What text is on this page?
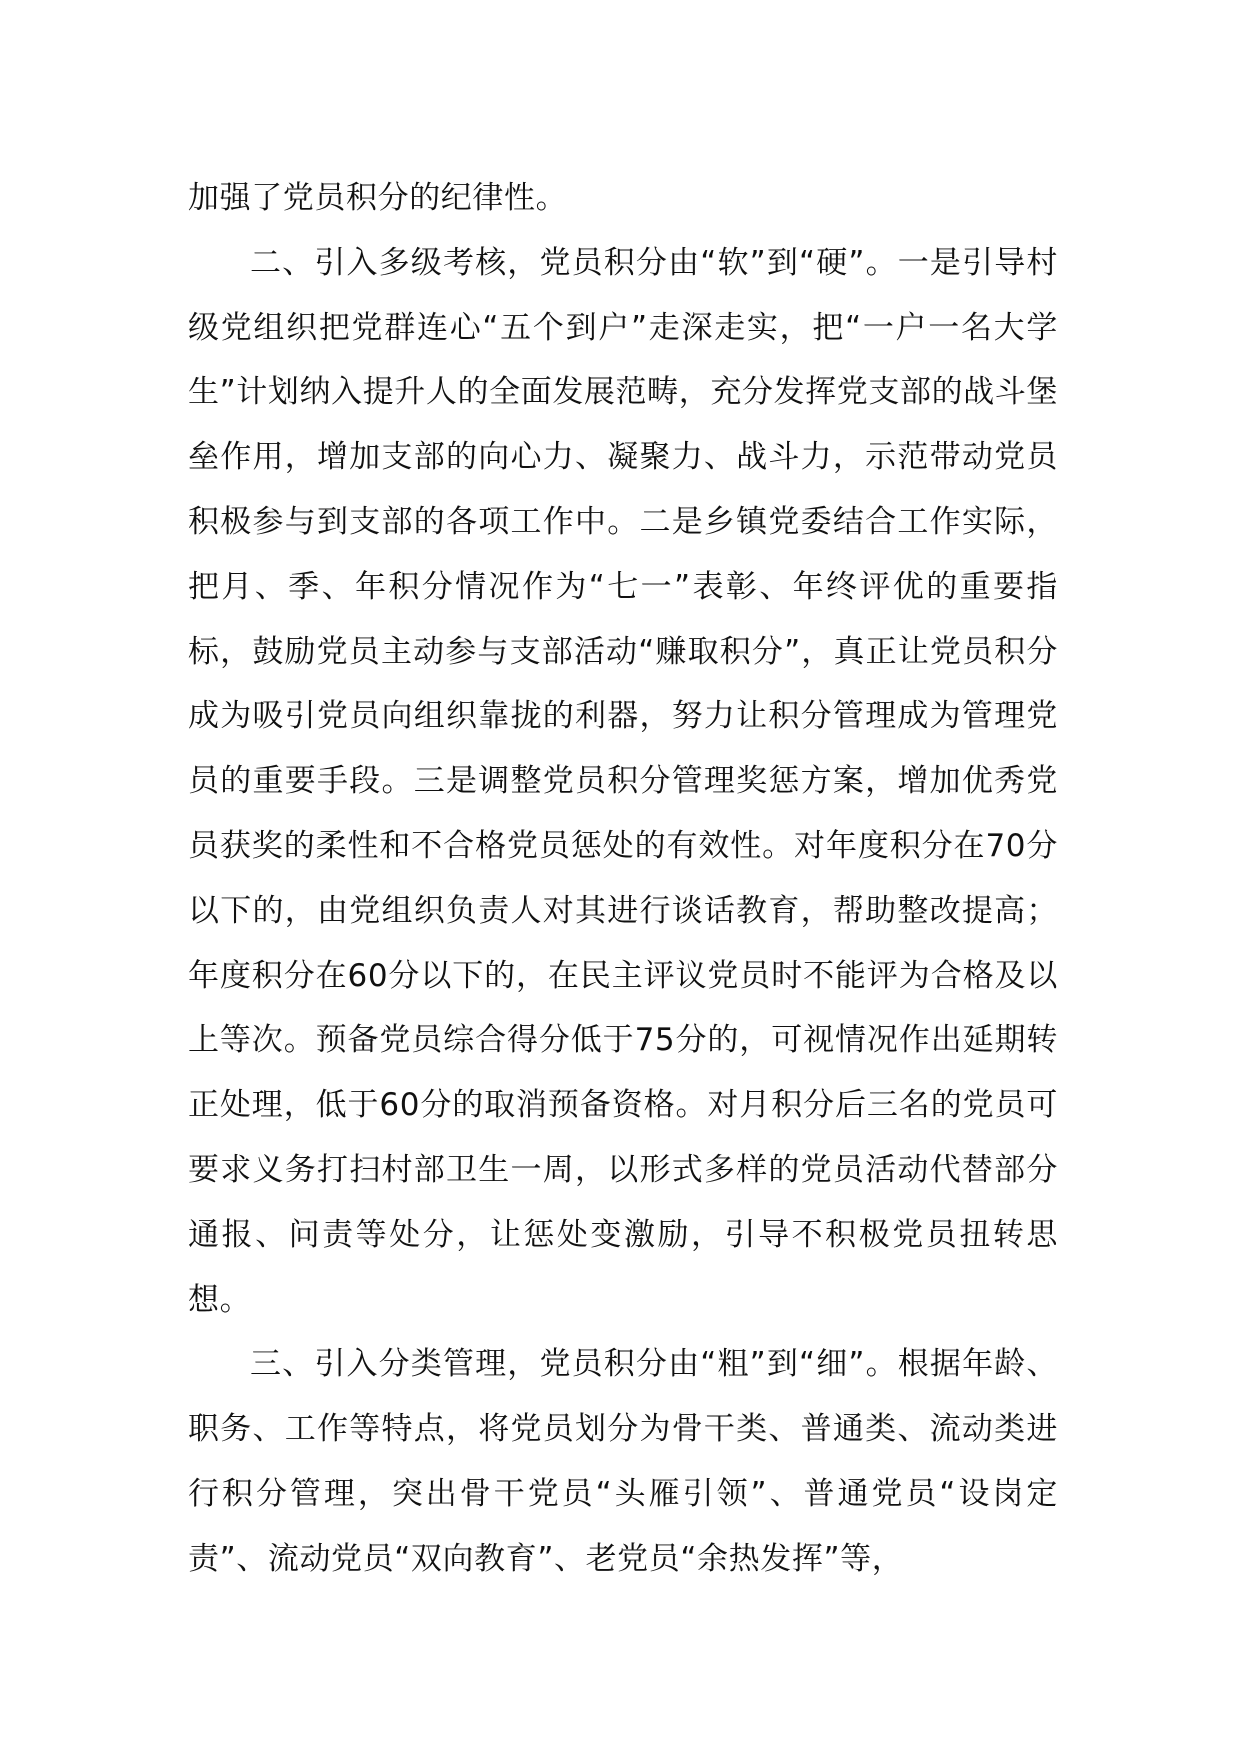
加强了党员积分的纪律性。

二、引入多级考核，党员积分由“软”到“硬”。一是引导村级党组织把党群连心“五个到户”走深走实，把“一户一名大学生”计划纳入提升人的全面发展范畴，充分发挥党支部的战斗堡垒作用，增加支部的向心力、凝聚力、战斗力，示范带动党员积极参与到支部的各项工作中。二是乡镇党委结合工作实际，把月、季、年积分情况作为“七一”表彰、年终评优的重要指标，鼓励党员主动参与支部活动“赚取积分”，真正让党员积分成为吸引党员向组织靠拢的利器，努力让积分管理成为管理党员的重要手段。三是调整党员积分管理奖惩方案，增加优秀党员获奖的柔性和不合格党员惩处的有效性。对年度积分在70分以下的，由党组织负责人对其进行谈话教育，帮助整改提高；年度积分在60分以下的，在民主评议党员时不能评为合格及以上等次。预备党员综合得分低于75分的，可视情况作出延期转正处理，低于60分的取消预备资格。对月积分后三名的党员可要求义务打扫村部卫生一周，以形式多样的党员活动代替部分通报、问责等处分，让惩处变激励，引导不积极党员扭转思想。

三、引入分类管理，党员积分由“粗”到“细”。根据年龄、职务、工作等特点，将党员划分为骨干类、普通类、流动类进行积分管理，突出骨干党员“头雁引领”、普通党员“设岗定责”、流动党员“双向教育”、老党员“余热发挥”等，
